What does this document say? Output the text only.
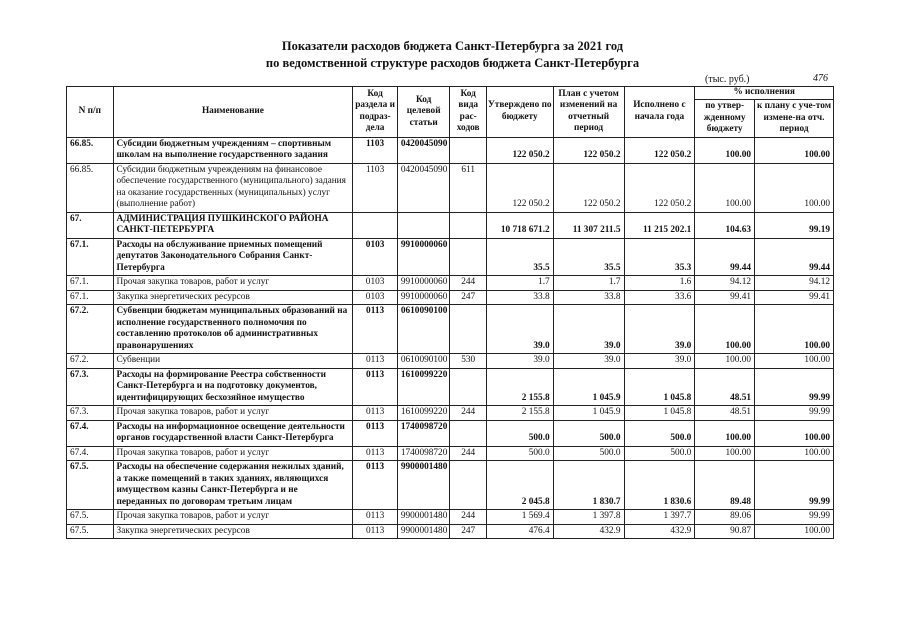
Показатели расходов бюджета Санкт-Петербурга за 2021 год
по ведомственной структуре расходов бюджета Санкт-Петербурга
(тыс. руб.)	476
N п/п	Наименование	Код раздела и подраз-дела	Код целевой статьи	Код вида рас-ходов	Утверждено по бюджету	План с учетом изменений на отчетный период	Исполнено с начала года	% исполнения	
								по утвер-жденному бюджету	к плану с уче-том измене-на отч. период
66.85.	Субсидии бюджетным учреждениям – спортивным школам на выполнение государственного задания	1103	0420045090		122 050.2	122 050.2	122 050.2	100.00	100.00
66.85.	Субсидии бюджетным учреждениям на финансовое обеспечение государственного (муниципального) задания на оказание государственных (муниципальных) услуг (выполнение работ)	1103	0420045090	611	122 050.2	122 050.2	122 050.2	100.00	100.00
67.	АДМИНИСТРАЦИЯ ПУШКИНСКОГО РАЙОНА САНКТ-ПЕТЕРБУРГА				10 718 671.2	11 307 211.5	11 215 202.1	104.63	99.19
67.1.	Расходы на обслуживание приемных помещений депутатов Законодательного Собрания Санкт-Петербурга	0103	9910000060		35.5	35.5	35.3	99.44	99.44
67.1.	Прочая закупка товаров, работ и услуг	0103	9910000060	244	1.7	1.7	1.6	94.12	94.12
67.1.	Закупка энергетических ресурсов	0103	9910000060	247	33.8	33.8	33.6	99.41	99.41
67.2.	Субвенции бюджетам муниципальных образований на исполнение государственного полномочия по составлению протоколов об административных правонарушениях	0113	0610090100		39.0	39.0	39.0	100.00	100.00
67.2.	Субвенции	0113	0610090100	530	39.0	39.0	39.0	100.00	100.00
67.3.	Расходы на формирование Реестра собственности Санкт-Петербурга и на подготовку документов, идентифицирующих бесхозяйное имущество	0113	1610099220		2 155.8	1 045.9	1 045.8	48.51	99.99
67.3.	Прочая закупка товаров, работ и услуг	0113	1610099220	244	2 155.8	1 045.9	1 045.8	48.51	99.99
67.4.	Расходы на информационное освещение деятельности органов государственной власти Санкт-Петербурга	0113	1740098720		500.0	500.0	500.0	100.00	100.00
67.4.	Прочая закупка товаров, работ и услуг	0113	1740098720	244	500.0	500.0	500.0	100.00	100.00
67.5.	Расходы на обеспечение содержания нежилых зданий, а также помещений в таких зданиях, являющихся имуществом казны Санкт-Петербурга и не переданных по договорам третьим лицам	0113	9900001480		2 045.8	1 830.7	1 830.6	89.48	99.99
67.5.	Прочая закупка товаров, работ и услуг	0113	9900001480	244	1 569.4	1 397.8	1 397.7	89.06	99.99
67.5.	Закупка энергетических ресурсов	0113	9900001480	247	476.4	432.9	432.9	90.87	100.00
